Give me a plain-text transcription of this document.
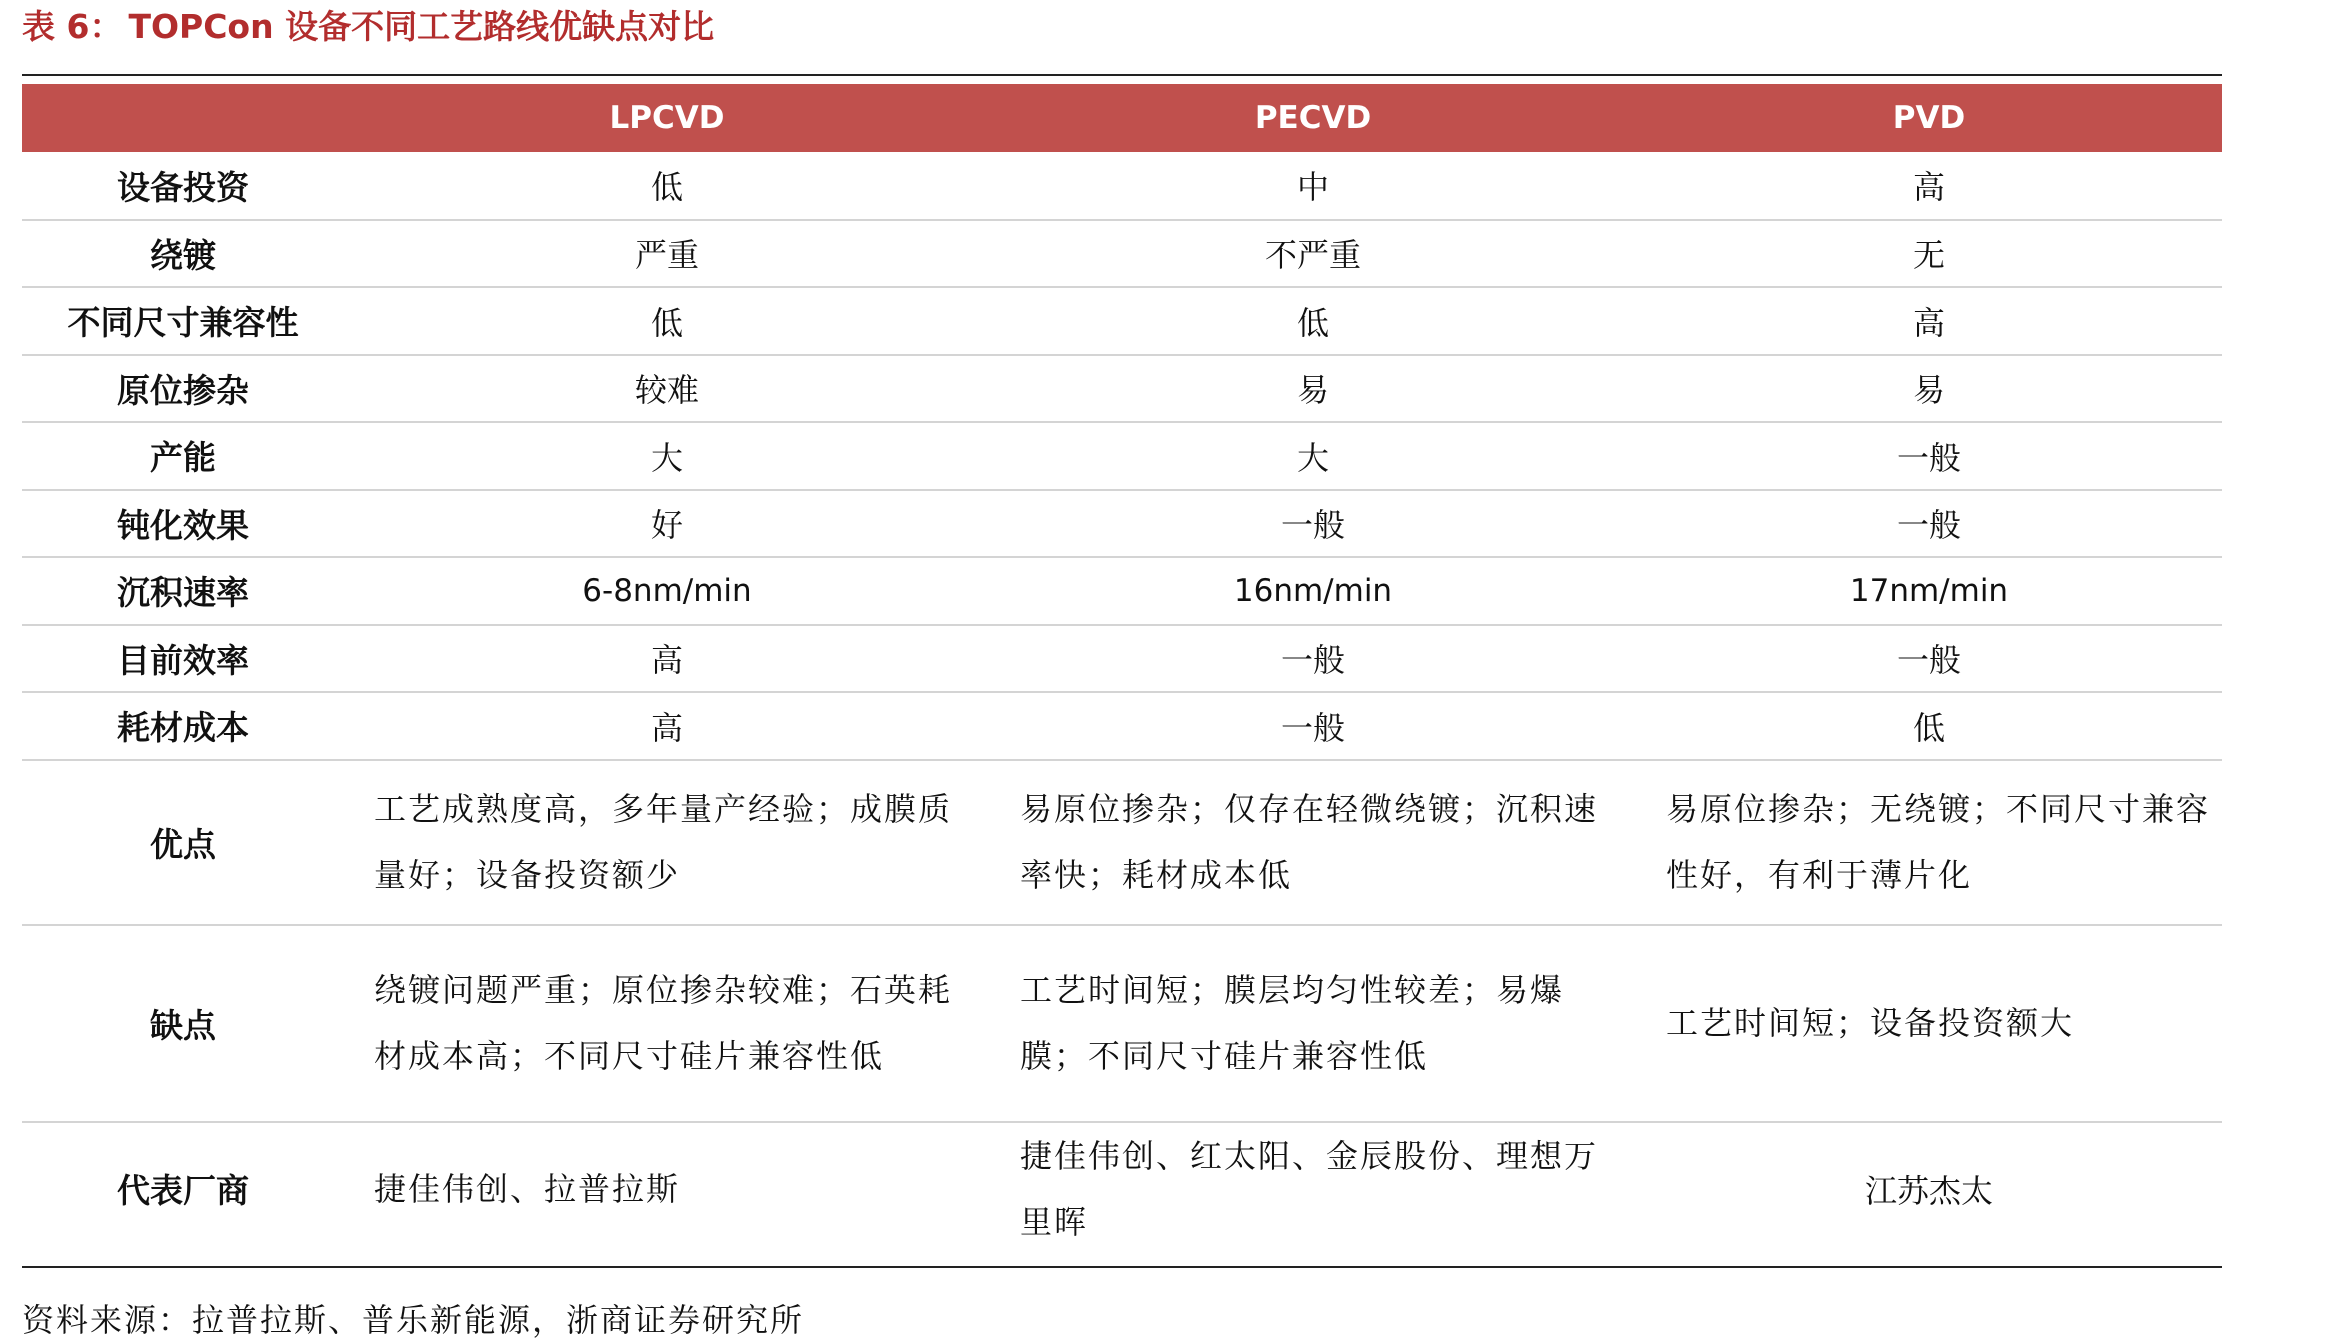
表 6： TOPCon 设备不同工艺路线优缺点对比
	LPCVD	PECVD	PVD
设备投资	低	中	高
绕镀	严重	不严重	无
不同尺寸兼容性	低	低	高
原位掺杂	较难	易	易
产能	大	大	一般
钝化效果	好	一般	一般
沉积速率	6-8nm/min	16nm/min	17nm/min
目前效率	高	一般	一般
耗材成本	高	一般	低
优点	工艺成熟度高，多年量产经验；成膜质量好；设备投资额少	易原位掺杂；仅存在轻微绕镀；沉积速率快；耗材成本低	易原位掺杂；无绕镀；不同尺寸兼容性好，有利于薄片化

缺点	绕镀问题严重；原位掺杂较难；石英耗材成本高；不同尺寸硅片兼容性低	工艺时间短；膜层均匀性较差；易爆膜；不同尺寸硅片兼容性低	工艺时间短；设备投资额大

代表厂商	捷佳伟创、拉普拉斯	捷佳伟创、红太阳、金辰股份、理想万里晖	江苏杰太
资料来源：拉普拉斯、普乐新能源，浙商证券研究所
